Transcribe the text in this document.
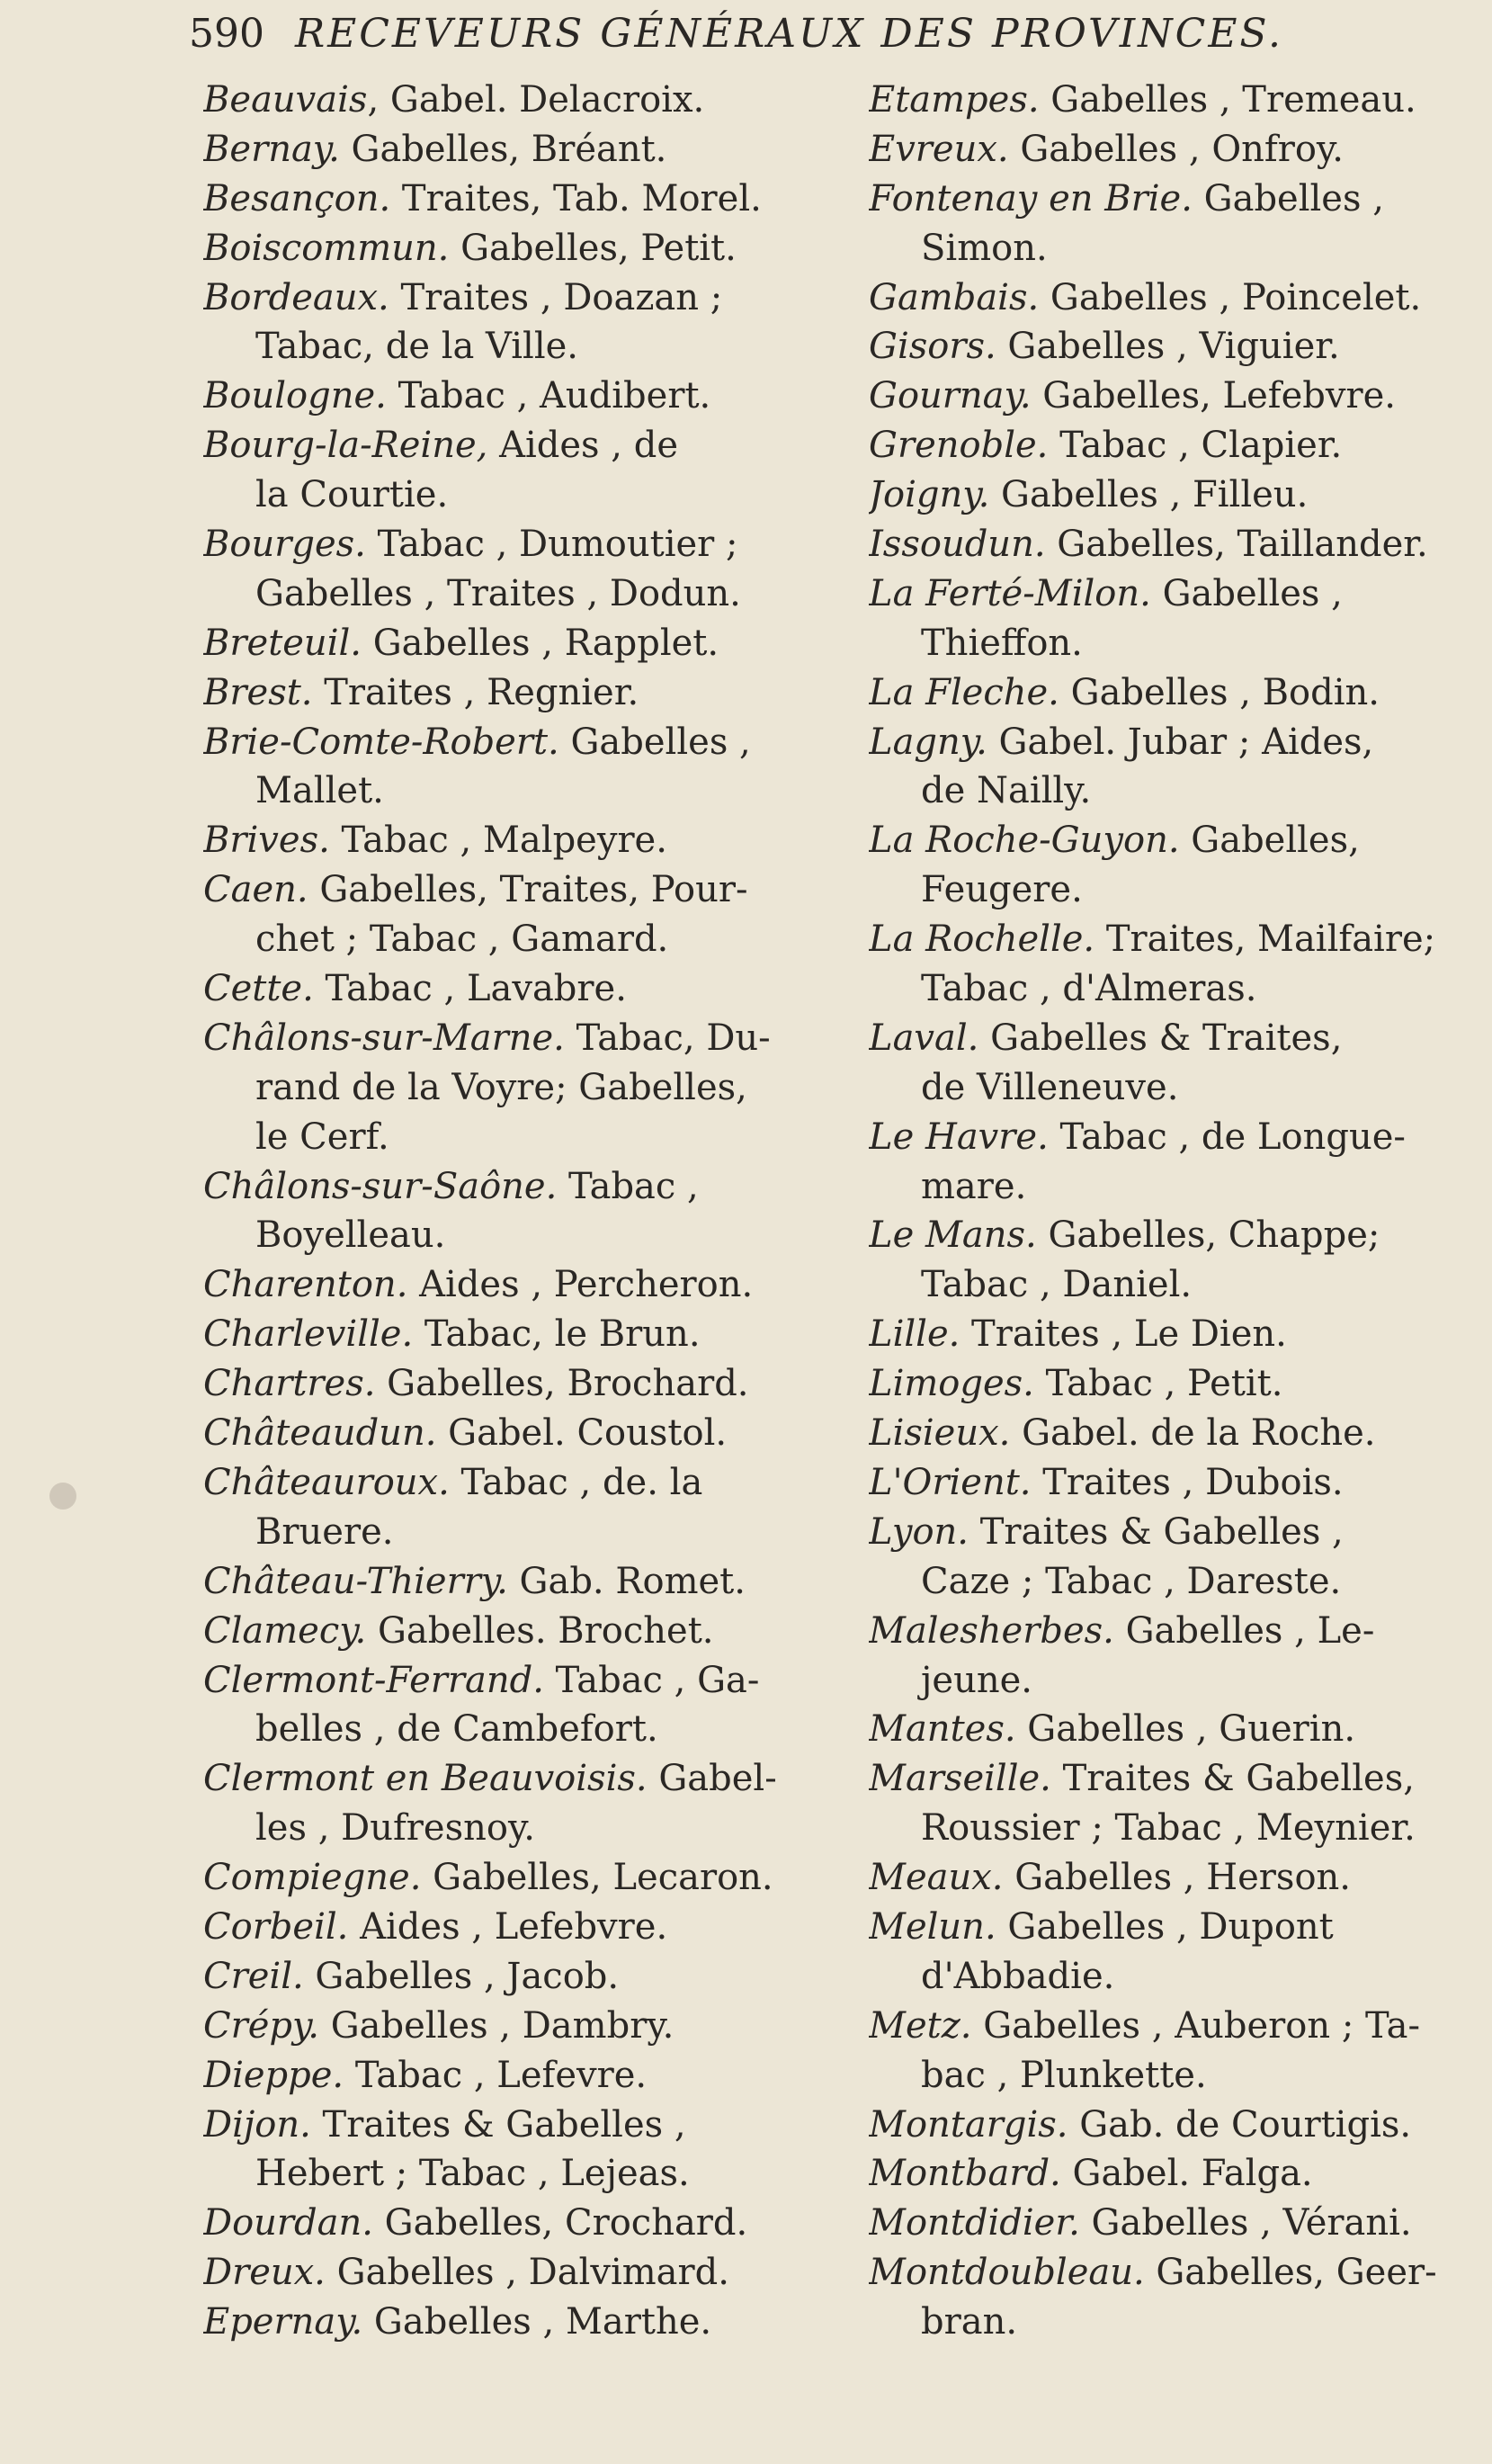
590 RECEVEURS GÉNÉRAUX DES PROVINCES.
Beauvais, Gabel. Delacroix.
Bernay. Gabelles, Bréant.
Besançon. Traites, Tab. Morel.
Boiscommun. Gabelles, Petit.
Bordeaux. Traites , Doazan ;
Tabac, de la Ville.
Boulogne. Tabac , Audibert.
Bourg-la-Reine, Aides , de
la Courtie.
Bourges. Tabac , Dumoutier ;
Gabelles , Traites , Dodun.
Breteuil. Gabelles , Rapplet.
Brest. Traites , Regnier.
Brie-Comte-Robert. Gabelles ,
Mallet.
Brives. Tabac , Malpeyre.
Caen. Gabelles, Traites, Pour-
chet ; Tabac , Gamard.
Cette. Tabac , Lavabre.
Châlons-sur-Marne. Tabac, Du-
rand de la Voyre; Gabelles,
le Cerf.
Châlons-sur-Saône. Tabac ,
Boyelleau.
Charenton. Aides , Percheron.
Charleville. Tabac, le Brun.
Chartres. Gabelles, Brochard.
Châteaudun. Gabel. Coustol.
Châteauroux. Tabac , de. la
Bruere.
Château-Thierry. Gab. Romet.
Clamecy. Gabelles. Brochet.
Clermont-Ferrand. Tabac , Ga-
belles , de Cambefort.
Clermont en Beauvoisis. Gabel-
les , Dufresnoy.
Compiegne. Gabelles, Lecaron.
Corbeil. Aides , Lefebvre.
Creil. Gabelles , Jacob.
Crépy. Gabelles , Dambry.
Dieppe. Tabac , Lefevre.
Dijon. Traites & Gabelles ,
Hebert ; Tabac , Lejeas.
Dourdan. Gabelles, Crochard.
Dreux. Gabelles , Dalvimard.
Epernay. Gabelles , Marthe.
Etampes. Gabelles , Tremeau.
Evreux. Gabelles , Onfroy.
Fontenay en Brie. Gabelles ,
Simon.
Gambais. Gabelles , Poincelet.
Gisors. Gabelles , Viguier.
Gournay. Gabelles, Lefebvre.
Grenoble. Tabac , Clapier.
Joigny. Gabelles , Filleu.
Issoudun. Gabelles, Taillander.
La Ferté-Milon. Gabelles ,
Thieffon.
La Fleche. Gabelles , Bodin.
Lagny. Gabel. Jubar ; Aides,
de Nailly.
La Roche-Guyon. Gabelles,
Feugere.
La Rochelle. Traites, Mailfaire;
Tabac , d'Almeras.
Laval. Gabelles & Traites,
de Villeneuve.
Le Havre. Tabac , de Longue-
mare.
Le Mans. Gabelles, Chappe;
Tabac , Daniel.
Lille. Traites , Le Dien.
Limoges. Tabac , Petit.
Lisieux. Gabel. de la Roche.
L'Orient. Traites , Dubois.
Lyon. Traites & Gabelles ,
Caze ; Tabac , Dareste.
Malesherbes. Gabelles , Le-
jeune.
Mantes. Gabelles , Guerin.
Marseille. Traites & Gabelles,
Roussier ; Tabac , Meynier.
Meaux. Gabelles , Herson.
Melun. Gabelles , Dupont
d'Abbadie.
Metz. Gabelles , Auberon ; Ta-
bac , Plunkette.
Montargis. Gab. de Courtigis.
Montbard. Gabel. Falga.
Montdidier. Gabelles , Vérani.
Montdoubleau. Gabelles, Geer-
bran.
